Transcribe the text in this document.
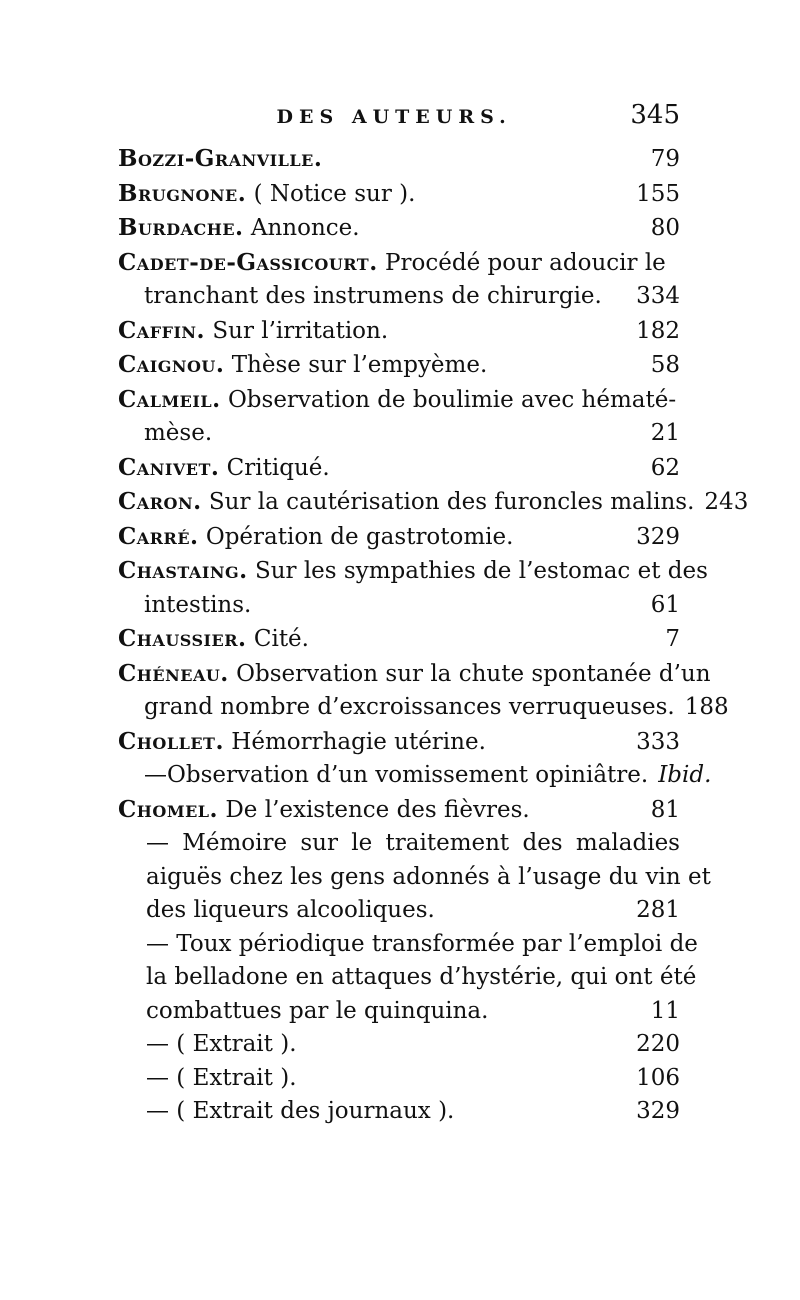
DES AUTEURS.	345
Bozzi-Granville.	79
Brugnone. ( Notice sur ).	155
Burdache. Annonce.	80
Cadet-de-Gassicourt. Procédé pour adoucir le
tranchant des instrumens de chirurgie.	334
Caffin. Sur l’irritation.	182
Caignou. Thèse sur l’empyème.	58
Calmeil. Observation de boulimie avec hématé-
mèse.	21
Canivet. Critiqué.	62
Caron. Sur la cautérisation des furoncles malins. 243
Carré. Opération de gastrotomie.	329
Chastaing. Sur les sympathies de l’estomac et des
intestins.	61
Chaussier. Cité.	7
Chéneau. Observation sur la chute spontanée d’un
grand nombre d’excroissances verruqueuses. 188
Chollet. Hémorrhagie utérine.	333
—Observation d’un vomissement opiniâtre. Ibid.
Chomel. De l’existence des fièvres.	81
— Mémoire sur le traitement des maladies
aiguës chez les gens adonnés à l’usage du vin et
des liqueurs alcooliques.	281
— Toux périodique transformée par l’emploi de
la belladone en attaques d’hystérie, qui ont été
combattues par le quinquina.	11
— ( Extrait ).	220
— ( Extrait ).	106
— ( Extrait des journaux ).	329
